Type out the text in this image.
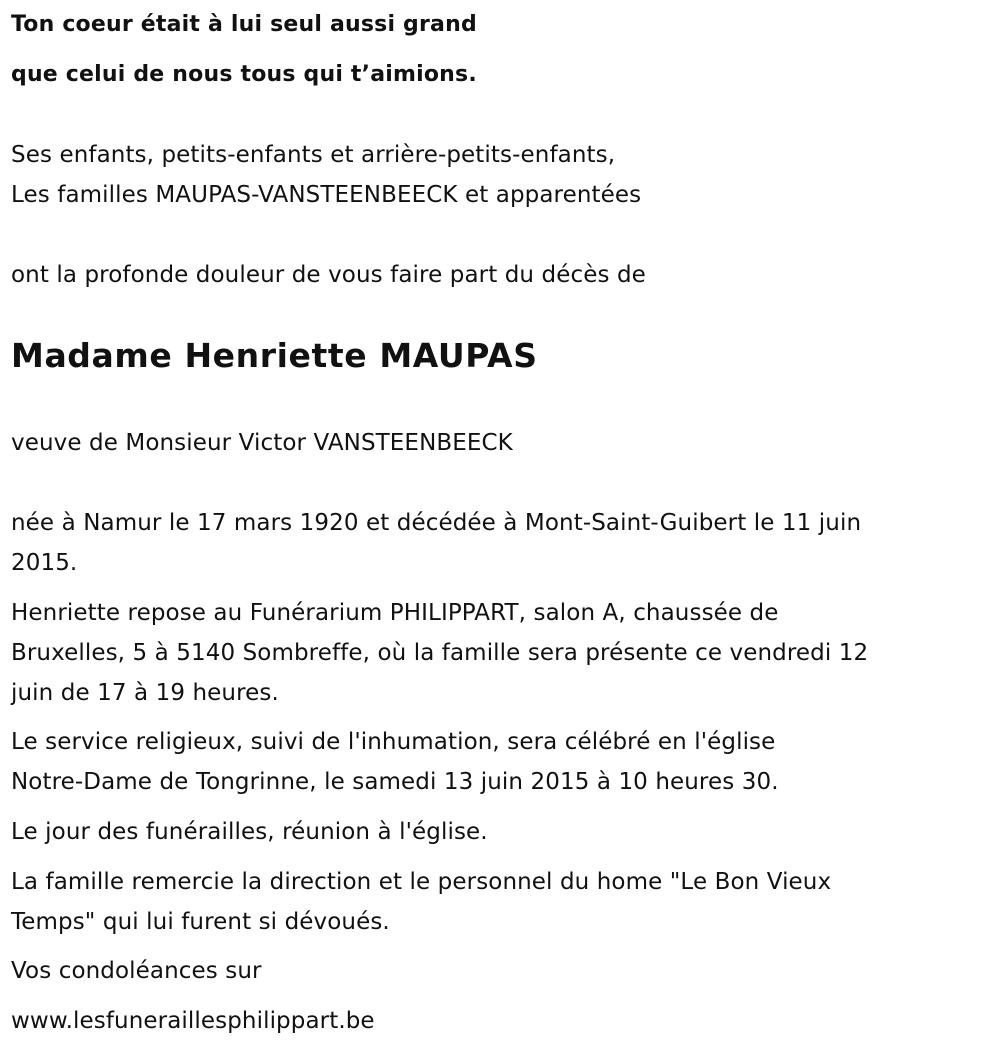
Ton coeur était à lui seul aussi grand
que celui de nous tous qui t’aimions.
Ses enfants, petits-enfants et arrière-petits-enfants,
Les familles MAUPAS-VANSTEENBEECK et apparentées
ont la profonde douleur de vous faire part du décès de
Madame Henriette MAUPAS
veuve de Monsieur Victor VANSTEENBEECK
née à Namur le 17 mars 1920 et décédée à Mont-Saint-Guibert le 11 juin
2015.
Henriette repose au Funérarium PHILIPPART, salon A, chaussée de
Bruxelles, 5 à 5140 Sombreffe, où la famille sera présente ce vendredi 12
juin de 17 à 19 heures.
Le service religieux, suivi de l'inhumation, sera célébré en l'église
Notre-Dame de Tongrinne, le samedi 13 juin 2015 à 10 heures 30.
Le jour des funérailles, réunion à l'église.
La famille remercie la direction et le personnel du home "Le Bon Vieux
Temps" qui lui furent si dévoués.
Vos condoléances sur
www.lesfuneraillesphilippart.be
